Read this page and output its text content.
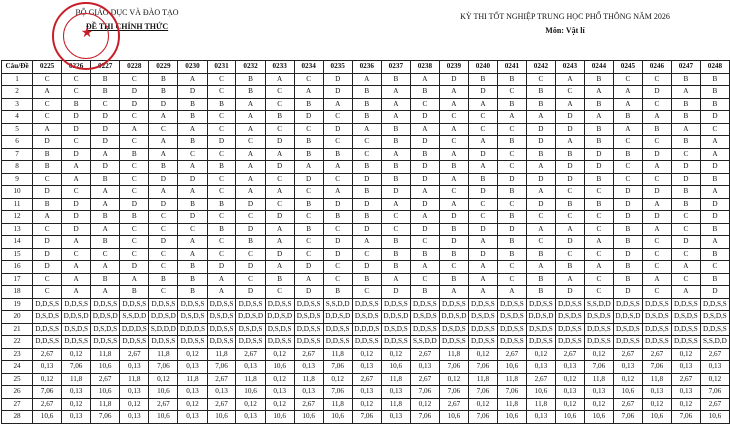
BỘ GIÁO DỤC VÀ ĐÀO TẠO
ĐỀ THI CHÍNH THỨC
KỲ THI TỐT NGHIỆP TRUNG HỌC PHỔ THÔNG NĂM 2026
Môn: Vật lí
★
Câu/Đề	0225	0226	0227	0228	0229	0230	0231	0232	0233	0234	0235	0236	0237	0238	0239	0240	0241	0242	0243	0244	0245	0246	0247	0248
1	C	C	B	C	B	A	C	B	A	C	D	A	B	A	D	B	B	C	A	B	C	C	B	B
2	A	C	B	D	B	D	C	B	C	A	D	B	A	B	A	D	C	B	C	A	A	D	A	B
3	C	B	C	D	D	B	B	A	C	B	A	B	A	C	A	A	B	B	A	B	A	C	B	B
4	C	D	D	C	A	B	C	A	B	D	C	B	A	D	C	C	A	A	D	A	B	A	B	D
5	A	D	D	A	C	A	C	A	C	C	D	A	B	A	A	C	C	D	D	B	A	B	A	C
6	D	C	D	C	A	B	D	C	D	B	C	C	B	D	C	A	B	D	A	B	C	C	B	A
7	B	D	A	B	A	C	C	A	A	B	B	C	A	B	A	D	C	B	B	D	B	D	C	A
8	B	A	D	C	B	A	B	A	D	A	A	B	B	D	B	A	C	A	D	D	C	A	D	D
9	C	A	B	C	D	D	C	A	C	D	C	D	B	D	A	B	D	D	D	B	C	C	D	B
10	D	C	A	C	A	A	C	A	A	C	A	B	D	A	C	D	B	A	C	C	D	D	B	A
11	B	D	A	D	D	B	B	D	C	B	D	D	A	D	A	C	C	D	B	B	D	A	B	D
12	A	D	B	B	C	D	C	C	D	C	B	B	C	A	D	C	B	C	C	C	D	D	C	D
13	C	D	A	C	C	C	B	D	A	B	C	D	C	D	B	D	D	A	A	C	B	A	C	B
14	D	A	B	C	D	A	C	B	A	C	D	A	B	C	D	A	B	C	D	A	B	C	D	A
15	D	C	C	C	C	A	C	C	D	C	D	C	B	B	B	D	B	B	C	C	D	C	C	B
16	D	A	A	D	C	B	D	D	A	D	C	D	B	A	C	A	C	A	B	A	B	C	A	C
17	C	A	B	A	B	B	A	C	B	A	C	B	A	C	B	A	C	B	A	C	B	A	C	B
18	C	A	A	B	C	B	A	D	C	D	B	C	D	B	A	A	A	B	D	C	D	C	A	D
19	D,D,S,S	D,D,S,S	D,D,S,S	D,D,S,S	D,D,S,S	D,D,S,S	D,D,S,S	D,D,S,S	D,D,S,S	D,D,S,S	S,S,D,D	D,D,S,S	D,D,S,S	D,D,S,S	D,D,S,S	D,D,S,S	D,D,S,S	D,D,S,S	D,D,S,S	S,S,D,D	D,D,S,S	D,D,S,S	D,D,S,S	D,D,S,S
20	D,S,D,S	D,D,S,D	D,D,S,D	S,S,D,D	D,D,S,D	D,S,D,S	D,S,D,S	D,D,S,D	D,D,S,D	D,S,D,S	D,D,S,D	D,S,D,S	D,D,S,D	D,S,D,S	D,D,S,D	D,S,D,S	D,S,D,S	D,D,S,D	D,S,D,S	D,S,D,S	D,D,S,D	D,S,D,S	D,S,D,S	D,S,D,S
21	D,D,S,S	D,S,D,S	D,S,D,S	D,D,D,S	S,D,D,D	D,D,D,S	D,D,S,S	D,S,D,S	D,S,D,S	D,D,S,S	D,D,S,S	D,D,D,S	D,S,D,S	D,D,S,S	D,S,D,S	D,D,S,S	D,D,S,S	D,S,D,S	D,D,S,S	D,D,S,S	D,S,D,S	D,D,S,S	D,D,S,S	D,D,S,S
22	D,D,S,S	D,D,S,S	D,D,S,S	D,D,S,S	D,D,S,S	D,D,S,S	D,D,S,S	D,D,S,S	D,D,S,S	D,D,S,S	D,D,S,S	D,D,S,S	D,D,S,S	S,S,D,D	D,D,S,S	D,D,S,S	D,D,S,S	D,D,S,S	D,D,S,S	D,D,S,S	D,D,S,S	D,D,S,S	D,D,S,S	S,S,D,D
23	2,67	0,12	11,8	2,67	11,8	0,12	11,8	2,67	0,12	2,67	11,8	0,12	0,12	2,67	11,8	0,12	2,67	0,12	2,67	0,12	2,67	2,67	0,12	2,67
24	0,13	7,06	10,6	0,13	7,06	0,13	7,06	0,13	10,6	0,13	7,06	0,13	10,6	0,13	7,06	7,06	10,6	0,13	0,13	7,06	0,13	7,06	0,13	0,13
25	0,12	11,8	2,67	11,8	0,12	11,8	2,67	11,8	0,12	11,8	0,12	2,67	11,8	2,67	0,12	11,8	11,8	2,67	0,12	11,8	0,12	11,8	2,67	0,12
26	7,06	0,13	10,6	0,13	10,6	0,13	0,13	10,6	0,13	0,13	7,06	0,13	0,13	7,06	7,06	7,06	7,06	10,6	0,13	0,13	10,6	0,13	0,13	7,06
27	2,67	0,12	11,8	0,12	2,67	0,12	2,67	0,12	0,12	2,67	11,8	0,12	11,8	0,12	2,67	0,12	11,8	11,8	0,12	0,12	2,67	0,12	0,12	2,67
28	10,6	0,13	7,06	0,13	10,6	0,13	10,6	0,13	10,6	10,6	10,6	7,06	0,13	7,06	10,6	7,06	10,6	0,13	10,6	10,6	7,06	10,6	7,06	10,6
